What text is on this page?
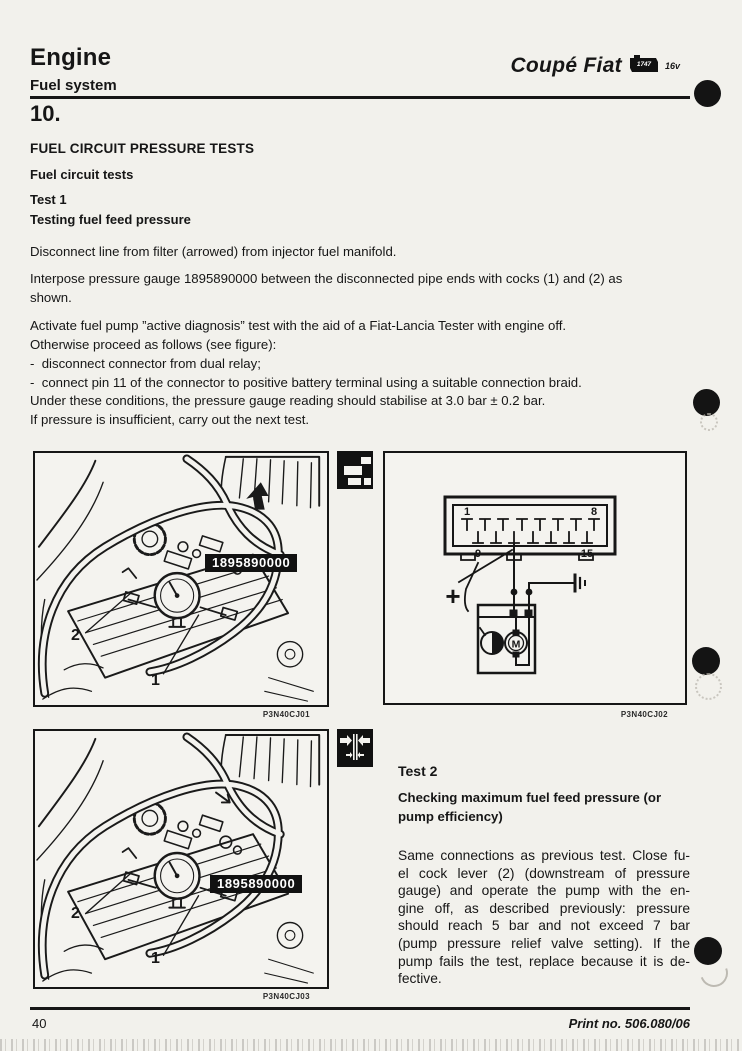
Engine	Coupé Fiat 1747 16v
Fuel system
10.
FUEL CIRCUIT PRESSURE TESTS
Fuel circuit tests
Test 1
Testing fuel feed pressure
Disconnect line from filter (arrowed) from injector fuel manifold.
Interpose pressure gauge 1895890000 between the disconnected pipe ends with cocks (1) and (2) as
shown.
Activate fuel pump ”active diagnosis” test with the aid of a Fiat-Lancia Tester with engine off.
Otherwise proceed as follows (see figure):
-  disconnect connector from dual relay;
-  connect pin 11 of the connector to positive battery terminal using a suitable connection braid.
Under these conditions, the pressure gauge reading should stabilise at 3.0 bar ± 0.2 bar.
If pressure is insufficient, carry out the next test.
1895890000
2
1
P3N40CJ01
1	8
9	15
+
M
P3N40CJ02
1895890000
2
1
P3N40CJ03
Test 2
Checking maximum fuel feed pressure (or
pump efficiency)
Same connections as previous test. Close fu-
el cock lever (2) (downstream of pressure
gauge) and operate the pump with the en-
gine off, as described previously: pressure
should reach 5 bar and not exceed 7 bar
(pump pressure relief valve setting). If the
pump fails the test, replace because it is de-
fective.
40	Print no. 506.080/06
